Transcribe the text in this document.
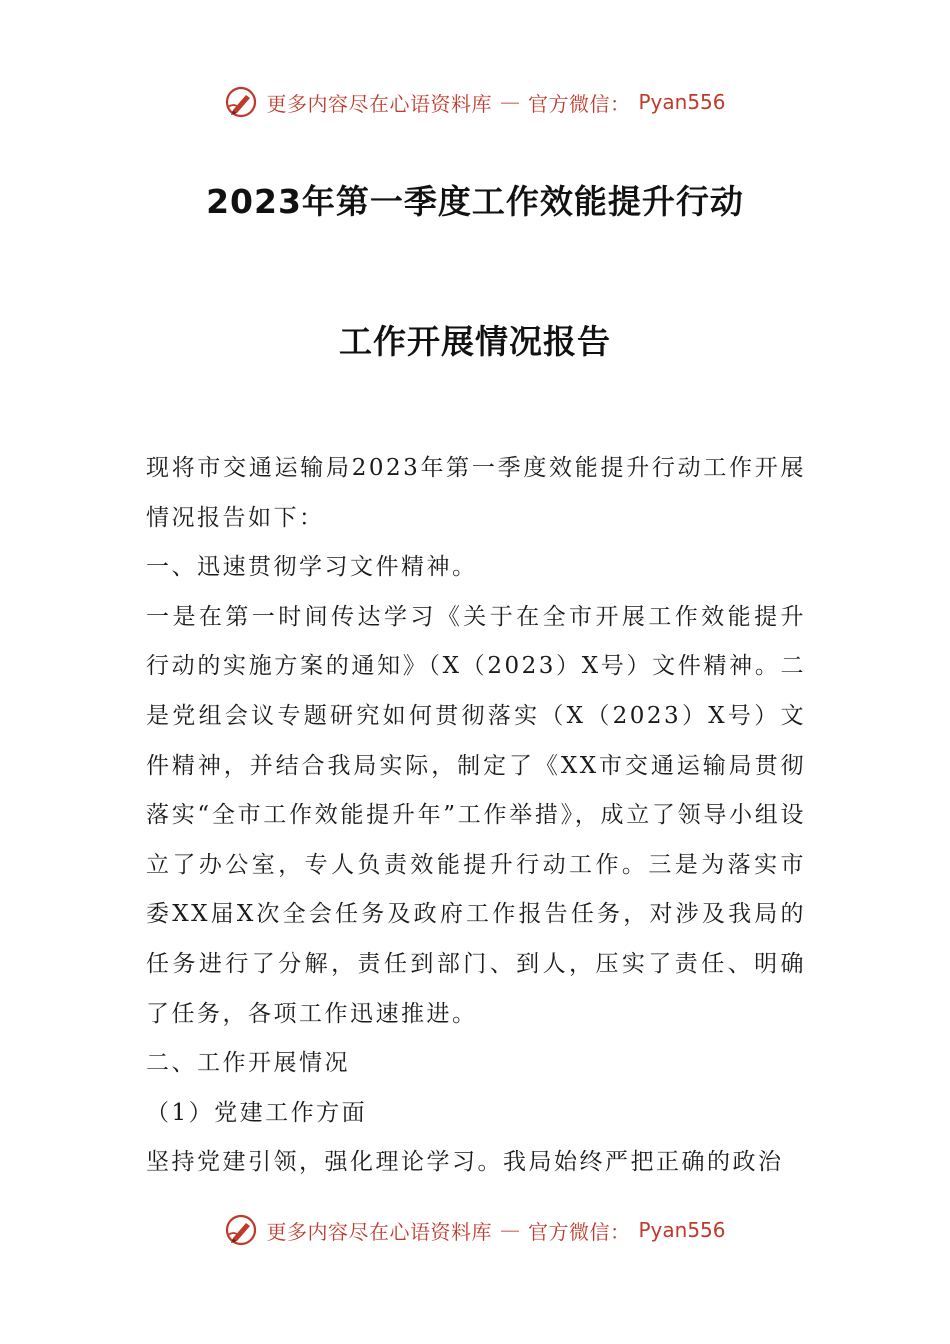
更多内容尽在心语资料库 — 官方微信： Pyan556
2023年第一季度工作效能提升行动
工作开展情况报告

现将市交通运输局2023年第一季度效能提升行动工作开展情况报告如下：

一、迅速贯彻学习文件精神。

一是在第一时间传达学习《关于在全市开展工作效能提升行动的实施方案的通知》（X（2023）X号）文件精神。二是党组会议专题研究如何贯彻落实（X（2023）X号）文件精神，并结合我局实际，制定了《XX市交通运输局贯彻落实“全市工作效能提升年”工作举措》，成立了领导小组设立了办公室，专人负责效能提升行动工作。三是为落实市委XX届X次全会任务及政府工作报告任务，对涉及我局的任务进行了分解，责任到部门、到人，压实了责任、明确了任务，各项工作迅速推进。

二、工作开展情况

（1）党建工作方面

坚持党建引领，强化理论学习。我局始终严把正确的政治

更多内容尽在心语资料库 — 官方微信： Pyan556
